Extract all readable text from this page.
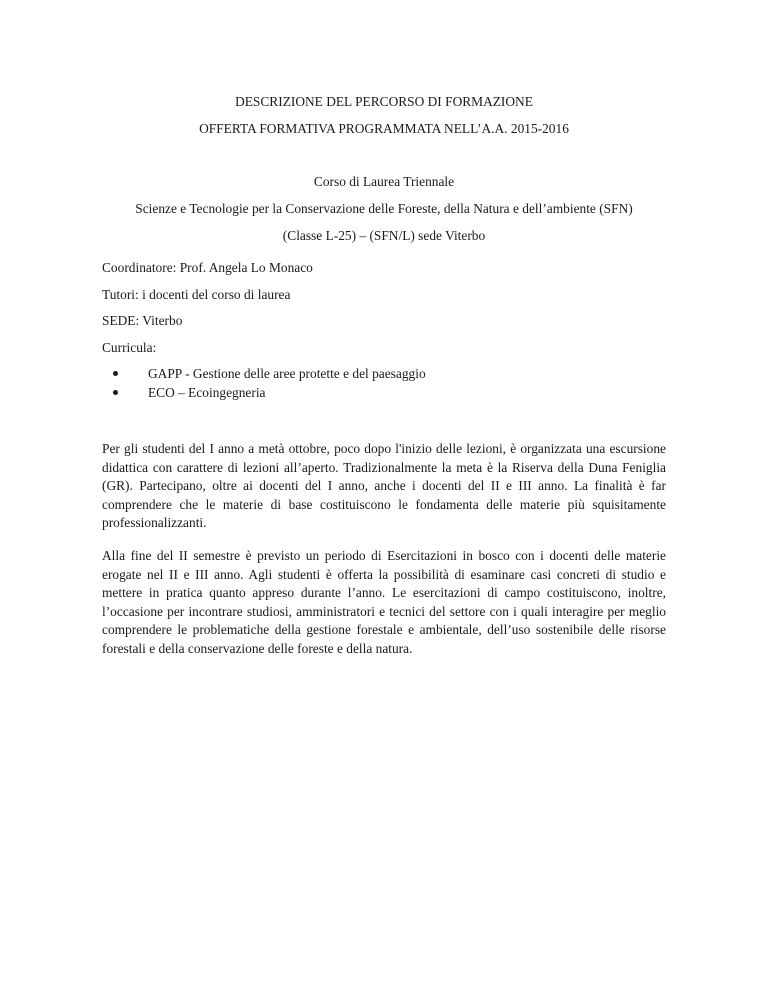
DESCRIZIONE DEL PERCORSO DI FORMAZIONE
OFFERTA FORMATIVA PROGRAMMATA NELL’A.A. 2015-2016
Corso di Laurea Triennale
Scienze e Tecnologie per la Conservazione delle Foreste, della Natura e dell’ambiente (SFN)
(Classe L-25) – (SFN/L) sede Viterbo
Coordinatore: Prof. Angela Lo Monaco
Tutori: i docenti del corso di laurea
SEDE: Viterbo
Curricula:
GAPP - Gestione delle aree protette e del paesaggio
ECO – Ecoingegneria

Per gli studenti del I anno a metà ottobre, poco dopo l'inizio delle lezioni, è organizzata una escursione didattica con carattere di lezioni all’aperto. Tradizionalmente la meta è la Riserva della Duna Feniglia (GR). Partecipano, oltre ai docenti del I anno, anche i docenti del II e III anno. La finalità è far comprendere che le materie di base costituiscono le fondamenta delle materie più squisitamente professionalizzanti.

Alla fine del II semestre è previsto un periodo di Esercitazioni in bosco con i docenti delle materie erogate nel II e III anno. Agli studenti è offerta la possibilità di esaminare casi concreti di studio e mettere in pratica quanto appreso durante l’anno. Le esercitazioni di campo costituiscono, inoltre, l’occasione per incontrare studiosi, amministratori e tecnici del settore con i quali interagire per meglio comprendere le problematiche della gestione forestale e ambientale, dell’uso sostenibile delle risorse forestali e della conservazione delle foreste e della natura.
